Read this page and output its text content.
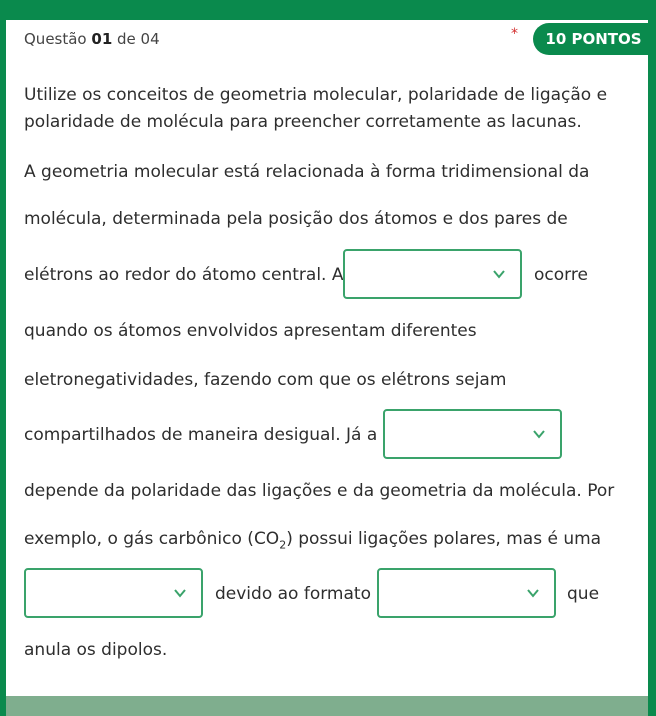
Questão 01 de 04	*	10 PONTOS
Utilize os conceitos de geometria molecular, polaridade de ligação e polaridade de molécula para preencher corretamente as lacunas.
A geometria molecular está relacionada à forma tridimensional da
molécula, determinada pela posição dos átomos e dos pares de
elétrons ao redor do átomo central. A	ocorre
quando os átomos envolvidos apresentam diferentes
eletronegatividades, fazendo com que os elétrons sejam
compartilhados de maneira desigual. Já a
depende da polaridade das ligações e da geometria da molécula. Por
exemplo, o gás carbônico $(CO_2)$ possui ligações polares, mas é uma
devido ao formato	que
anula os dipolos.
